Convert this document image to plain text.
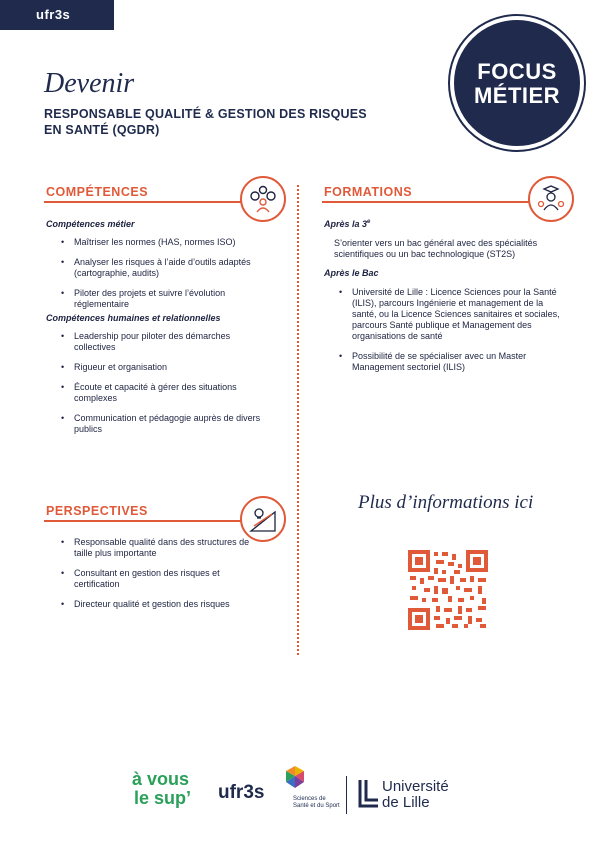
ufr3s
FOCUS
MÉTIER
Devenir
RESPONSABLE QUALITÉ & GESTION DES RISQUES EN SANTÉ (QGDR)
COMPÉTENCES
Compétences métier
• Maîtriser les normes (HAS, normes ISO)
• Analyser les risques à l’aide d’outils adaptés (cartographie, audits)
• Piloter des projets et suivre l’évolution réglementaire
Compétences humaines et relationnelles
• Leadership pour piloter des démarches collectives
• Rigueur et organisation
• Écoute et capacité à gérer des situations complexes
• Communication et pédagogie auprès de divers publics
FORMATIONS
Après la 3e
S’orienter vers un bac général avec des spécialités scientifiques ou un bac technologique (ST2S)
Après le Bac
• Université de Lille : Licence Sciences pour la Santé (ILIS), parcours Ingénierie et management de la santé, ou la Licence Sciences sanitaires et sociales, parcours Santé publique et Management des organisations de santé
• Possibilité de se spécialiser avec un Master Management sectoriel (ILIS)
PERSPECTIVES
• Responsable qualité dans des structures de taille plus importante
• Consultant en gestion des risques et certification
• Directeur qualité et gestion des risques
Plus d’informations ici
à vous
le sup’ ufr3s	Sciences de Santé et du Sport
Université
de Lille
